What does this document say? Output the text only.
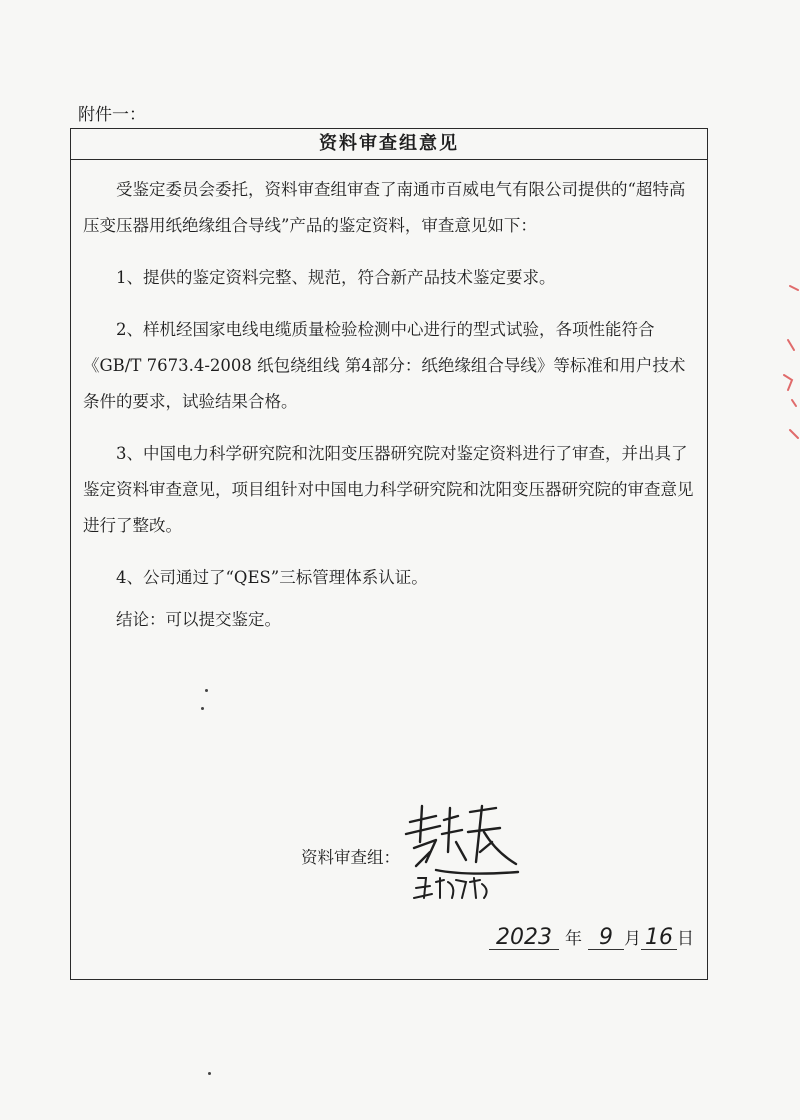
附件一：
资料审查组意见

受鉴定委员会委托，资料审查组审查了南通市百威电气有限公司提供的“超特高压变压器用纸绝缘组合导线”产品的鉴定资料，审查意见如下：

1、提供的鉴定资料完整、规范，符合新产品技术鉴定要求。

2、样机经国家电线电缆质量检验检测中心进行的型式试验，各项性能符合《GB/T 7673.4-2008 纸包绕组线 第4部分：纸绝缘组合导线》等标准和用户技术条件的要求，试验结果合格。

3、中国电力科学研究院和沈阳变压器研究院对鉴定资料进行了审查，并出具了鉴定资料审查意见，项目组针对中国电力科学研究院和沈阳变压器研究院的审查意见进行了整改。

4、公司通过了“QES”三标管理体系认证。

结论：可以提交鉴定。

资料审查组：
2023 年 9 月 16 日
